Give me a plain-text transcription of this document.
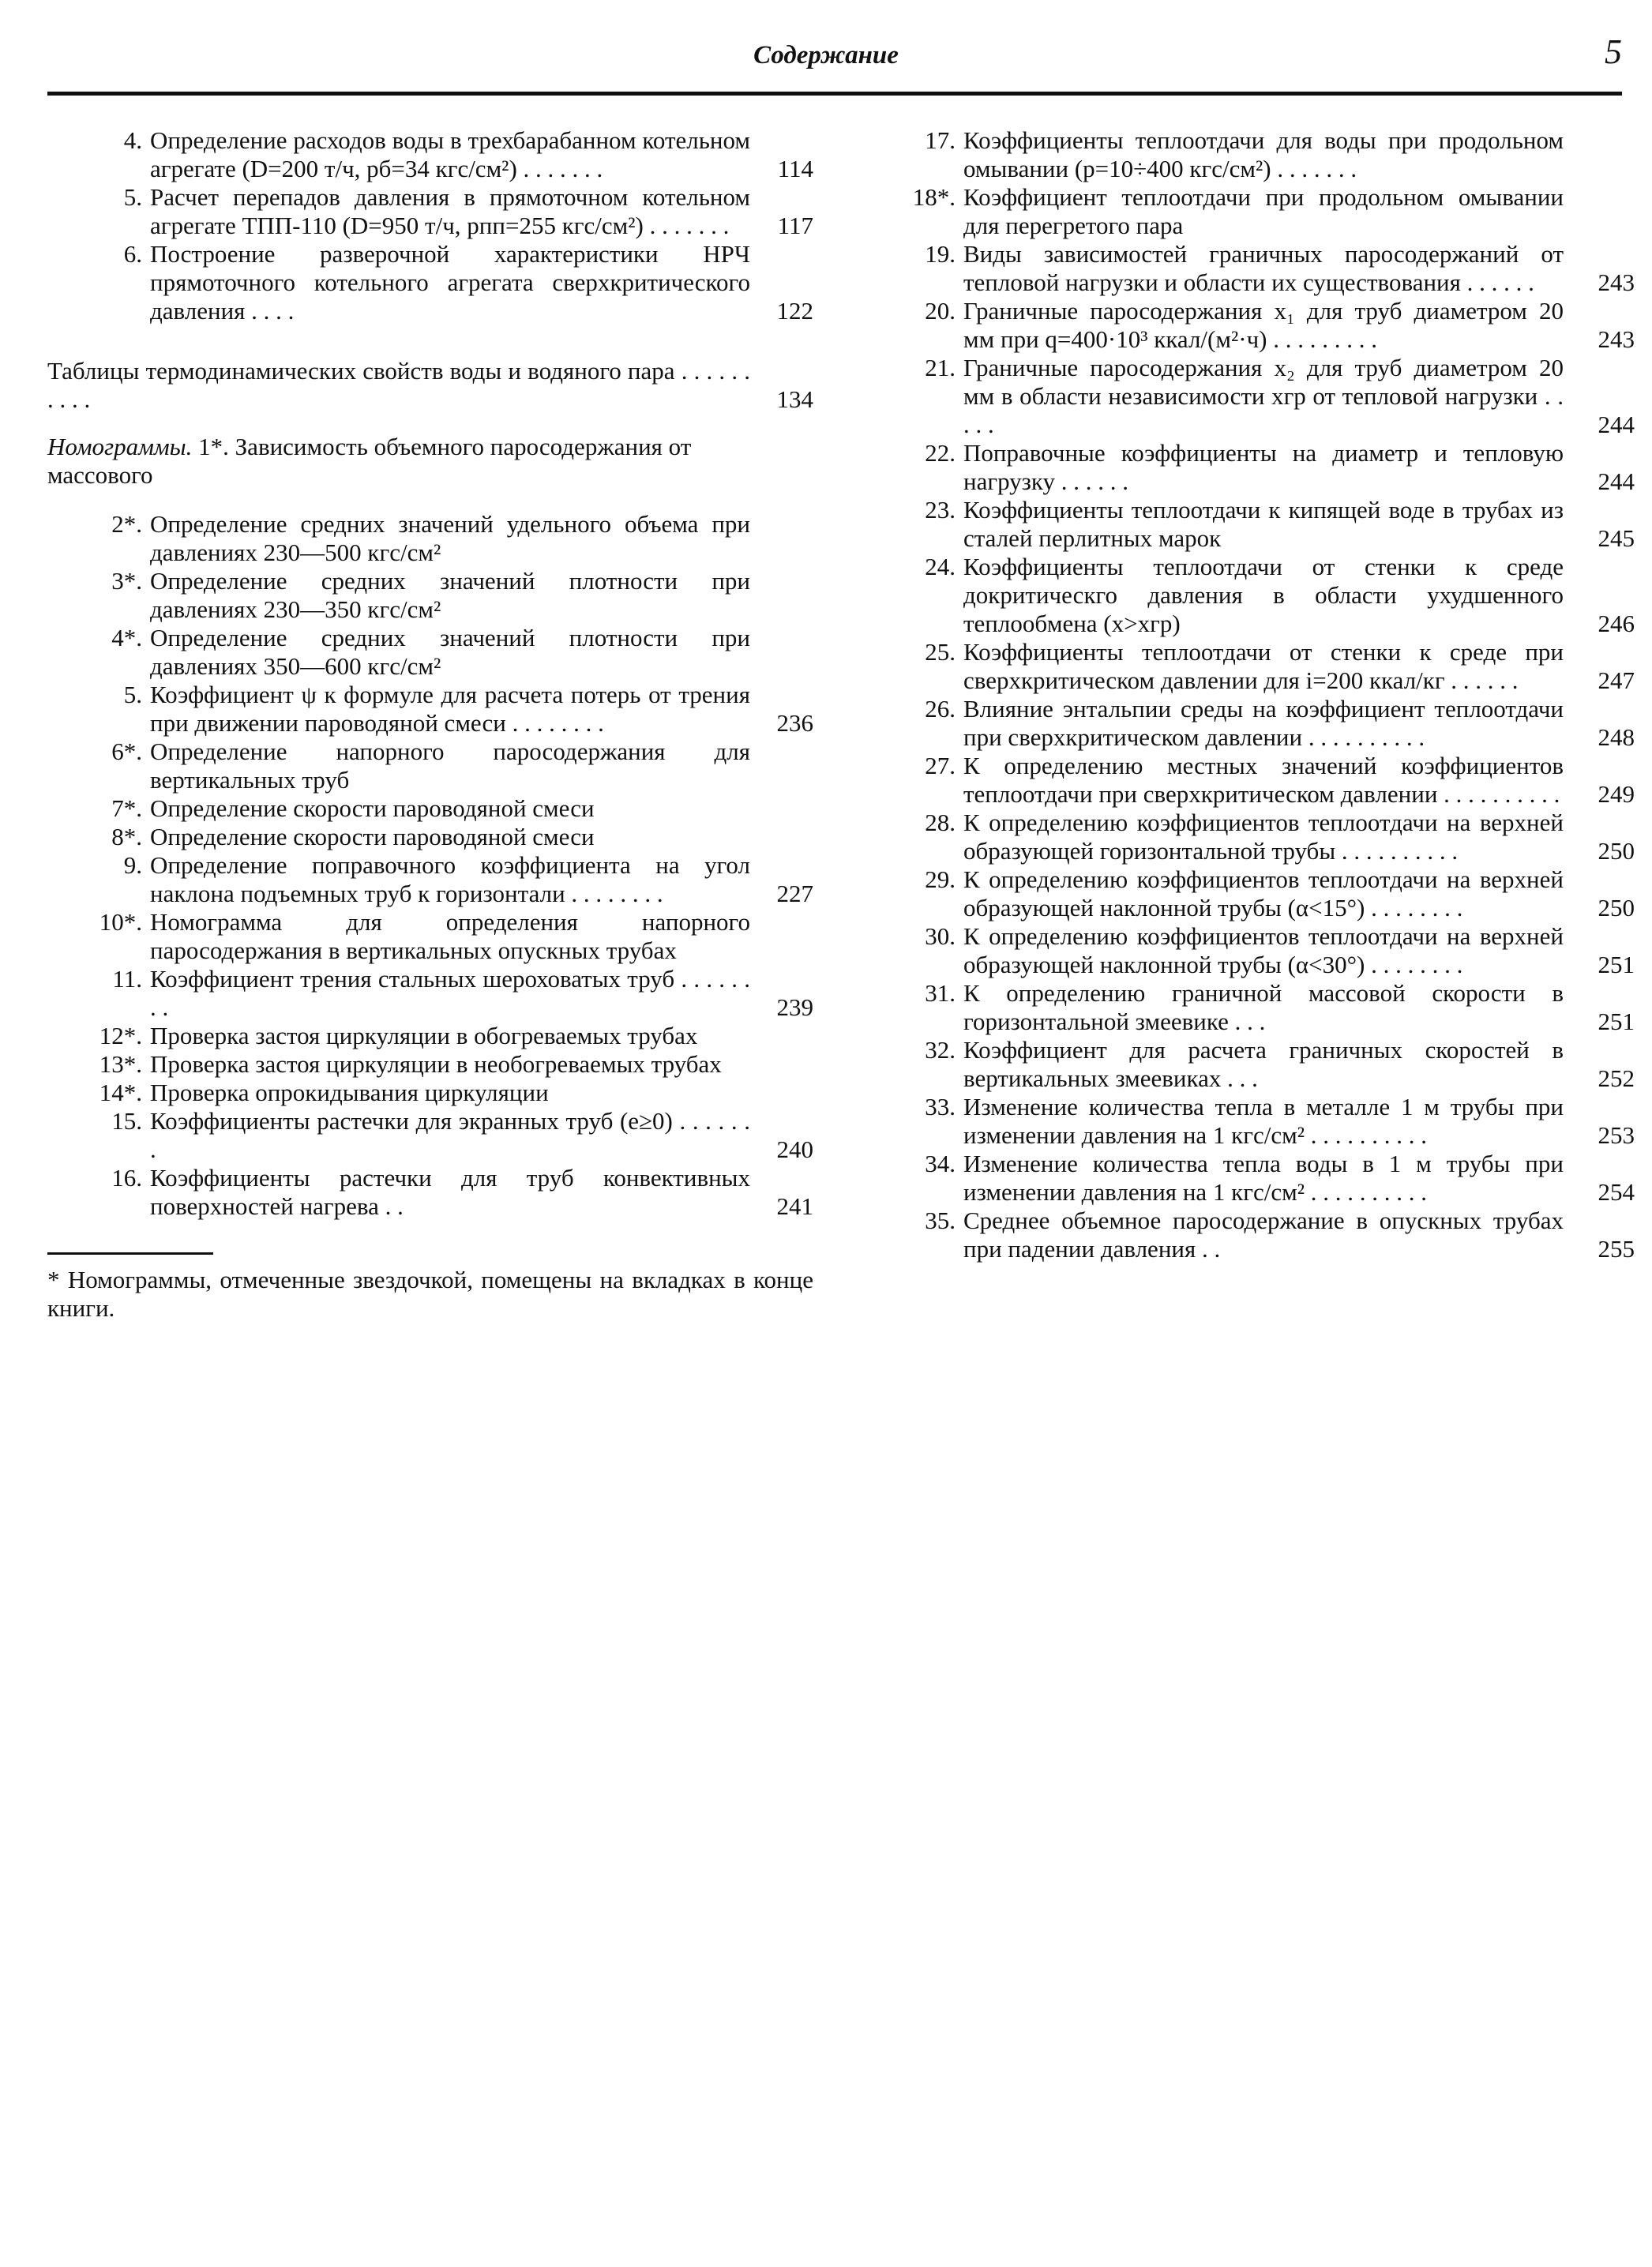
Содержание	5
4. Определение расходов воды в трехбарабанном котельном агрегате (D=200 т/ч, pб=34 кгс/см²) . . . . . . .	114
5. Расчет перепадов давления в прямоточном котельном агрегате ТПП-110 (D=950 т/ч, pпп=255 кгс/см²) . . . . . . .	117
6. Построение разверочной характеристики НРЧ прямоточного котельного агрегата сверхкритического давления . . . .	122
Таблицы термодинамических свойств воды и водяного пара . . . . . . . . . .	134
Номограммы. 1*. Зависимость объемного паросодержания от массового
2*. Определение средних значений удельного объема при давлениях 230—500 кгс/см²
3*. Определение средних значений плотности при давлениях 230—350 кгс/см²
4*. Определение средних значений плотности при давлениях 350—600 кгс/см²
5. Коэффициент ψ к формуле для расчета потерь от трения при движении пароводяной смеси . . . . . . . .	236
6*. Определение напорного паросодержания для вертикальных труб
7*. Определение скорости пароводяной смеси
8*. Определение скорости пароводяной смеси
9. Определение поправочного коэффициента на угол наклона подъемных труб к горизонтали . . . . . . . .	227
10*. Номограмма для определения напорного паросодержания в вертикальных опускных трубах
11. Коэффициент трения стальных шероховатых труб . . . . . . . .	239
12*. Проверка застоя циркуляции в обогреваемых трубах
13*. Проверка застоя циркуляции в необогреваемых трубах
14*. Проверка опрокидывания циркуляции
15. Коэффициенты растечки для экранных труб (e≥0) . . . . . . .	240
16. Коэффициенты растечки для труб конвективных поверхностей нагрева . .	241
* Номограммы, отмеченные звездочкой, помещены на вкладках в конце книги.
17. Коэффициенты теплоотдачи для воды при продольном омывании (p=10÷400 кгс/см²) . . . . . . .
18*. Коэффициент теплоотдачи при продольном омывании для перегретого пара
19. Виды зависимостей граничных паросодержаний от тепловой нагрузки и области их существования . . . . . .	243
20. Граничные паросодержания x₁ для труб диаметром 20 мм при q=400·10³ ккал/(м²·ч) . . . . . . . . .	243
21. Граничные паросодержания x₂ для труб диаметром 20 мм в области независимости xгр от тепловой нагрузки . . . . .	244
22. Поправочные коэффициенты на диаметр и тепловую нагрузку . . . . . .	244
23. Коэффициенты теплоотдачи к кипящей воде в трубах из сталей перлитных марок	245
24. Коэффициенты теплоотдачи от стенки к среде докритическго давления в области ухудшенного теплообмена (x>xгр)	246
25. Коэффициенты теплоотдачи от стенки к среде при сверхкритическом давлении для i=200 ккал/кг . . . . . .	247
26. Влияние энтальпии среды на коэффициент теплоотдачи при сверхкритическом давлении . . . . . . . . . .	248
27. К определению местных значений коэффициентов теплоотдачи при сверхкритическом давлении . . . . . . . . . .	249
28. К определению коэффициентов теплоотдачи на верхней образующей горизонтальной трубы . . . . . . . . . .	250
29. К определению коэффициентов теплоотдачи на верхней образующей наклонной трубы (α<15°) . . . . . . . .	250
30. К определению коэффициентов теплоотдачи на верхней образующей наклонной трубы (α<30°) . . . . . . . .	251
31. К определению граничной массовой скорости в горизонтальной змеевике . . .	251
32. Коэффициент для расчета граничных скоростей в вертикальных змеевиках . . .	252
33. Изменение количества тепла в металле 1 м трубы при изменении давления на 1 кгс/см² . . . . . . . . . .	253
34. Изменение количества тепла воды в 1 м трубы при изменении давления на 1 кгс/см² . . . . . . . . . .	254
35. Среднее объемное паросодержание в опускных трубах при падении давления . .	255
